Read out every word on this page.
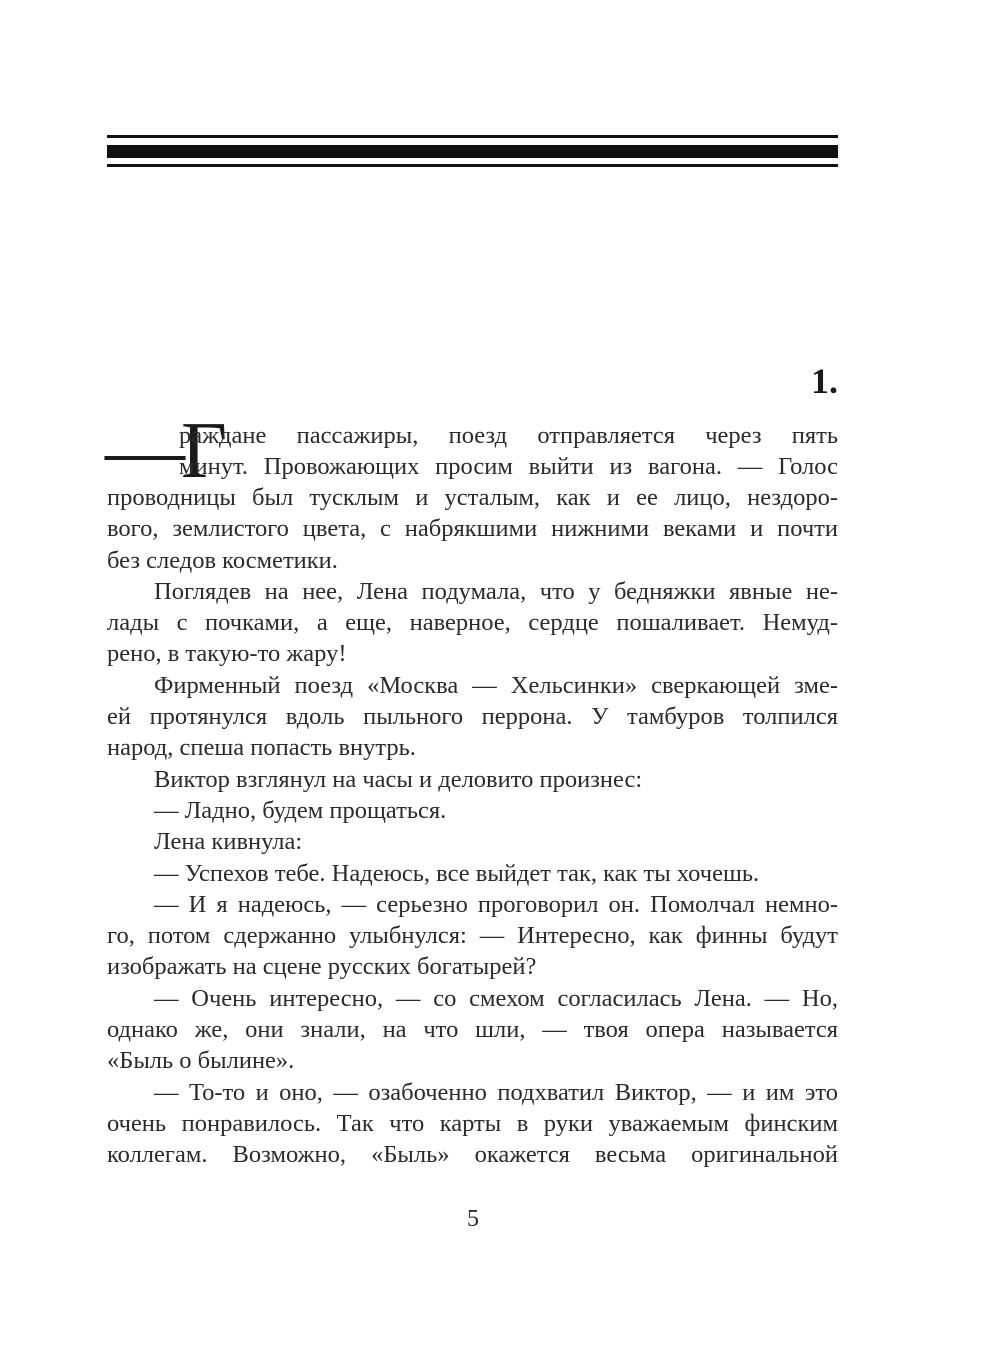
1.
—Г
раждане пассажиры, поезд отправляется через пять
минут. Провожающих просим выйти из вагона. — Голос
проводницы был тусклым и усталым, как и ее лицо, нездоро-
вого, землистого цвета, с набрякшими нижними веками и почти
без следов косметики.
Поглядев на нее, Лена подумала, что у бедняжки явные не-
лады с почками, а еще, наверное, сердце пошаливает. Немуд-
рено, в такую-то жару!
Фирменный поезд «Москва — Хельсинки» сверкающей зме-
ей протянулся вдоль пыльного перрона. У тамбуров толпился
народ, спеша попасть внутрь.
Виктор взглянул на часы и деловито произнес:
— Ладно, будем прощаться.
Лена кивнула:
— Успехов тебе. Надеюсь, все выйдет так, как ты хочешь.
— И я надеюсь, — серьезно проговорил он. Помолчал немно-
го, потом сдержанно улыбнулся: — Интересно, как финны будут
изображать на сцене русских богатырей?
— Очень интересно, — со смехом согласилась Лена. — Но,
однако же, они знали, на что шли, — твоя опера называется
«Быль о былине».
— То-то и оно, — озабоченно подхватил Виктор, — и им это
очень понравилось. Так что карты в руки уважаемым финским
коллегам. Возможно, «Быль» окажется весьма оригинальной
5
